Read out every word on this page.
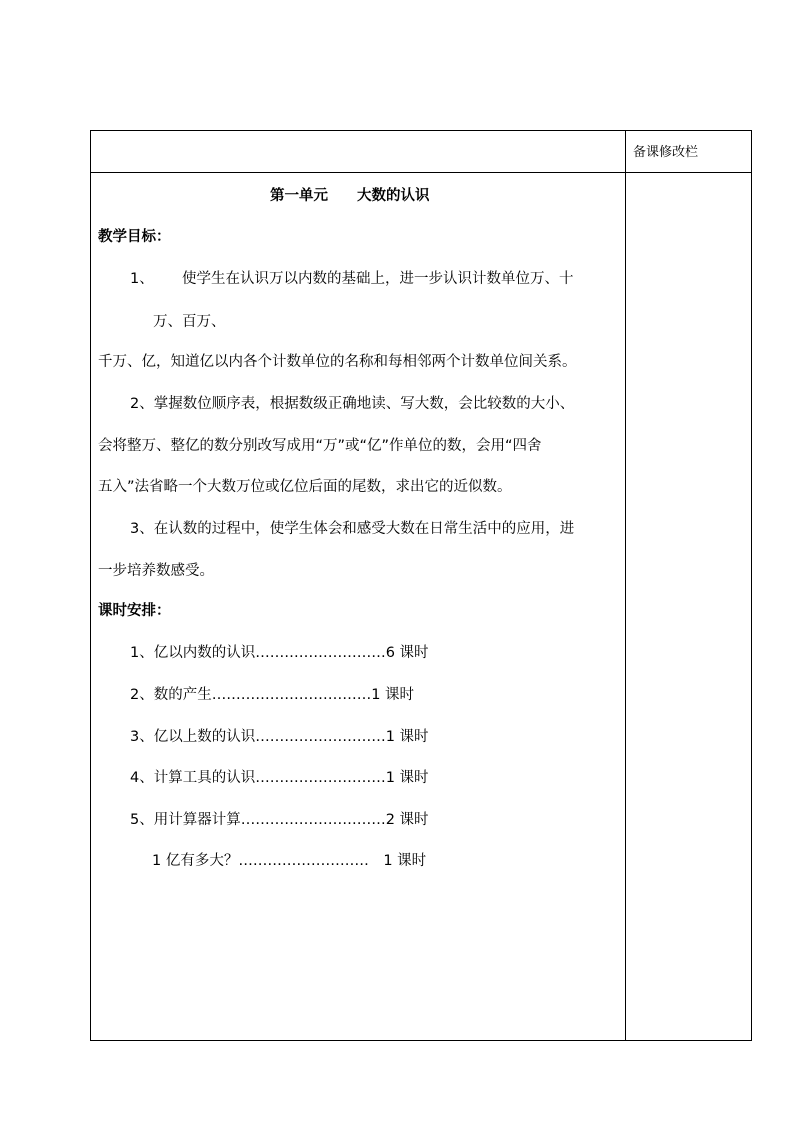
备课修改栏
第一单元　　大数的认识
教学目标：
1、 使学生在认识万以内数的基础上，进一步认识计数单位万、十
万、百万、
千万、亿，知道亿以内各个计数单位的名称和每相邻两个计数单位间关系。
2、掌握数位顺序表，根据数级正确地读、写大数，会比较数的大小、
会将整万、整亿的数分别改写成用“万”或“亿”作单位的数，会用“四舍
五入”法省略一个大数万位或亿位后面的尾数，求出它的近似数。
3、在认数的过程中，使学生体会和感受大数在日常生活中的应用，进
一步培养数感受。
课时安排：
1、亿以内数的认识………………………6 课时
2、数的产生……………………………1 课时
3、亿以上数的认识………………………1 课时
4、计算工具的认识………………………1 课时
5、用计算器计算…………………………2 课时
1 亿有多大？………………………　1 课时
